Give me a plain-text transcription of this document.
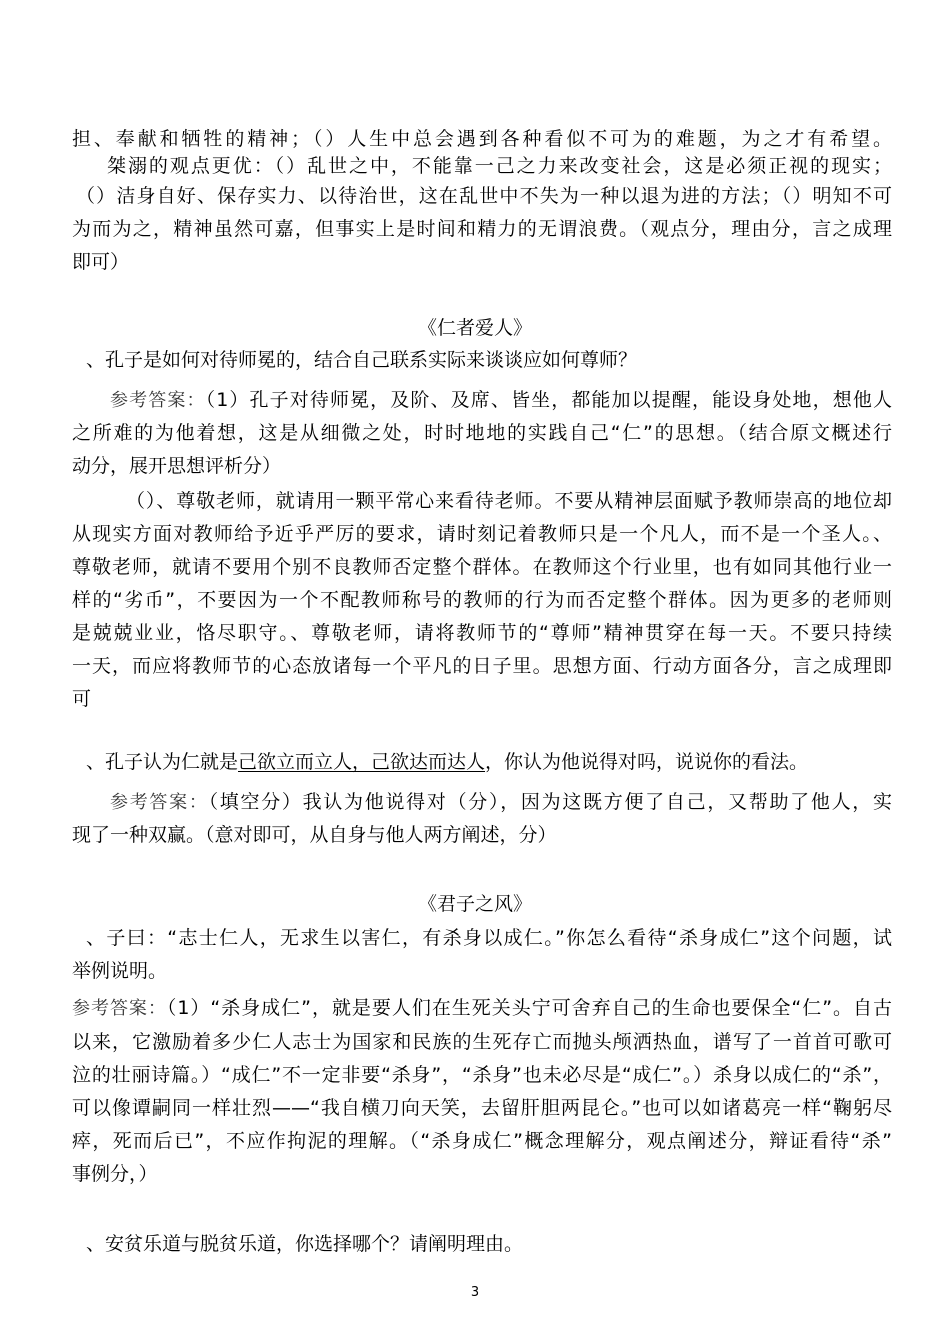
担、奉献和牺牲的精神；（）人生中总会遇到各种看似不可为的难题，为之才有希望。
桀溺的观点更优：（）乱世之中，不能靠一己之力来改变社会，这是必须正视的现实；
（）洁身自好、保存实力、以待治世，这在乱世中不失为一种以退为进的方法；（）明知不可
为而为之，精神虽然可嘉，但事实上是时间和精力的无谓浪费。（观点分，理由分，言之成理
即可）
《仁者爱人》
、孔子是如何对待师冕的，结合自己联系实际来谈谈应如何尊师？
参考答案：（1）孔子对待师冕，及阶、及席、皆坐，都能加以提醒，能设身处地，想他人
之所难的为他着想，这是从细微之处，时时地地的实践自己“仁”的思想。（结合原文概述行
动分，展开思想评析分）
（）、尊敬老师，就请用一颗平常心来看待老师。不要从精神层面赋予教师崇高的地位却
从现实方面对教师给予近乎严厉的要求，请时刻记着教师只是一个凡人，而不是一个圣人。、
尊敬老师，就请不要用个别不良教师否定整个群体。在教师这个行业里，也有如同其他行业一
样的“劣币”，不要因为一个不配教师称号的教师的行为而否定整个群体。因为更多的老师则
是兢兢业业，恪尽职守。、尊敬老师，请将教师节的“尊师”精神贯穿在每一天。不要只持续
一天，而应将教师节的心态放诸每一个平凡的日子里。思想方面、行动方面各分，言之成理即
可
、孔子认为仁就是己欲立而立人，己欲达而达人，你认为他说得对吗，说说你的看法。
参考答案：（填空分）我认为他说得对（分），因为这既方便了自己，又帮助了他人，实
现了一种双赢。（意对即可，从自身与他人两方阐述，分）
《君子之风》
、子曰：“志士仁人，无求生以害仁，有杀身以成仁。”你怎么看待“杀身成仁”这个问题，试
举例说明。
参考答案：（1）“杀身成仁”，就是要人们在生死关头宁可舍弃自己的生命也要保全“仁”。自古
以来，它激励着多少仁人志士为国家和民族的生死存亡而抛头颅洒热血，谱写了一首首可歌可
泣的壮丽诗篇。）“成仁”不一定非要“杀身”，“杀身”也未必尽是“成仁”。）杀身以成仁的“杀”，
可以像谭嗣同一样壮烈——“我自横刀向天笑，去留肝胆两昆仑。”也可以如诸葛亮一样“鞠躬尽
瘁，死而后已”，不应作拘泥的理解。（“杀身成仁”概念理解分，观点阐述分，辩证看待“杀”
事例分，）
、安贫乐道与脱贫乐道，你选择哪个？请阐明理由。
3
